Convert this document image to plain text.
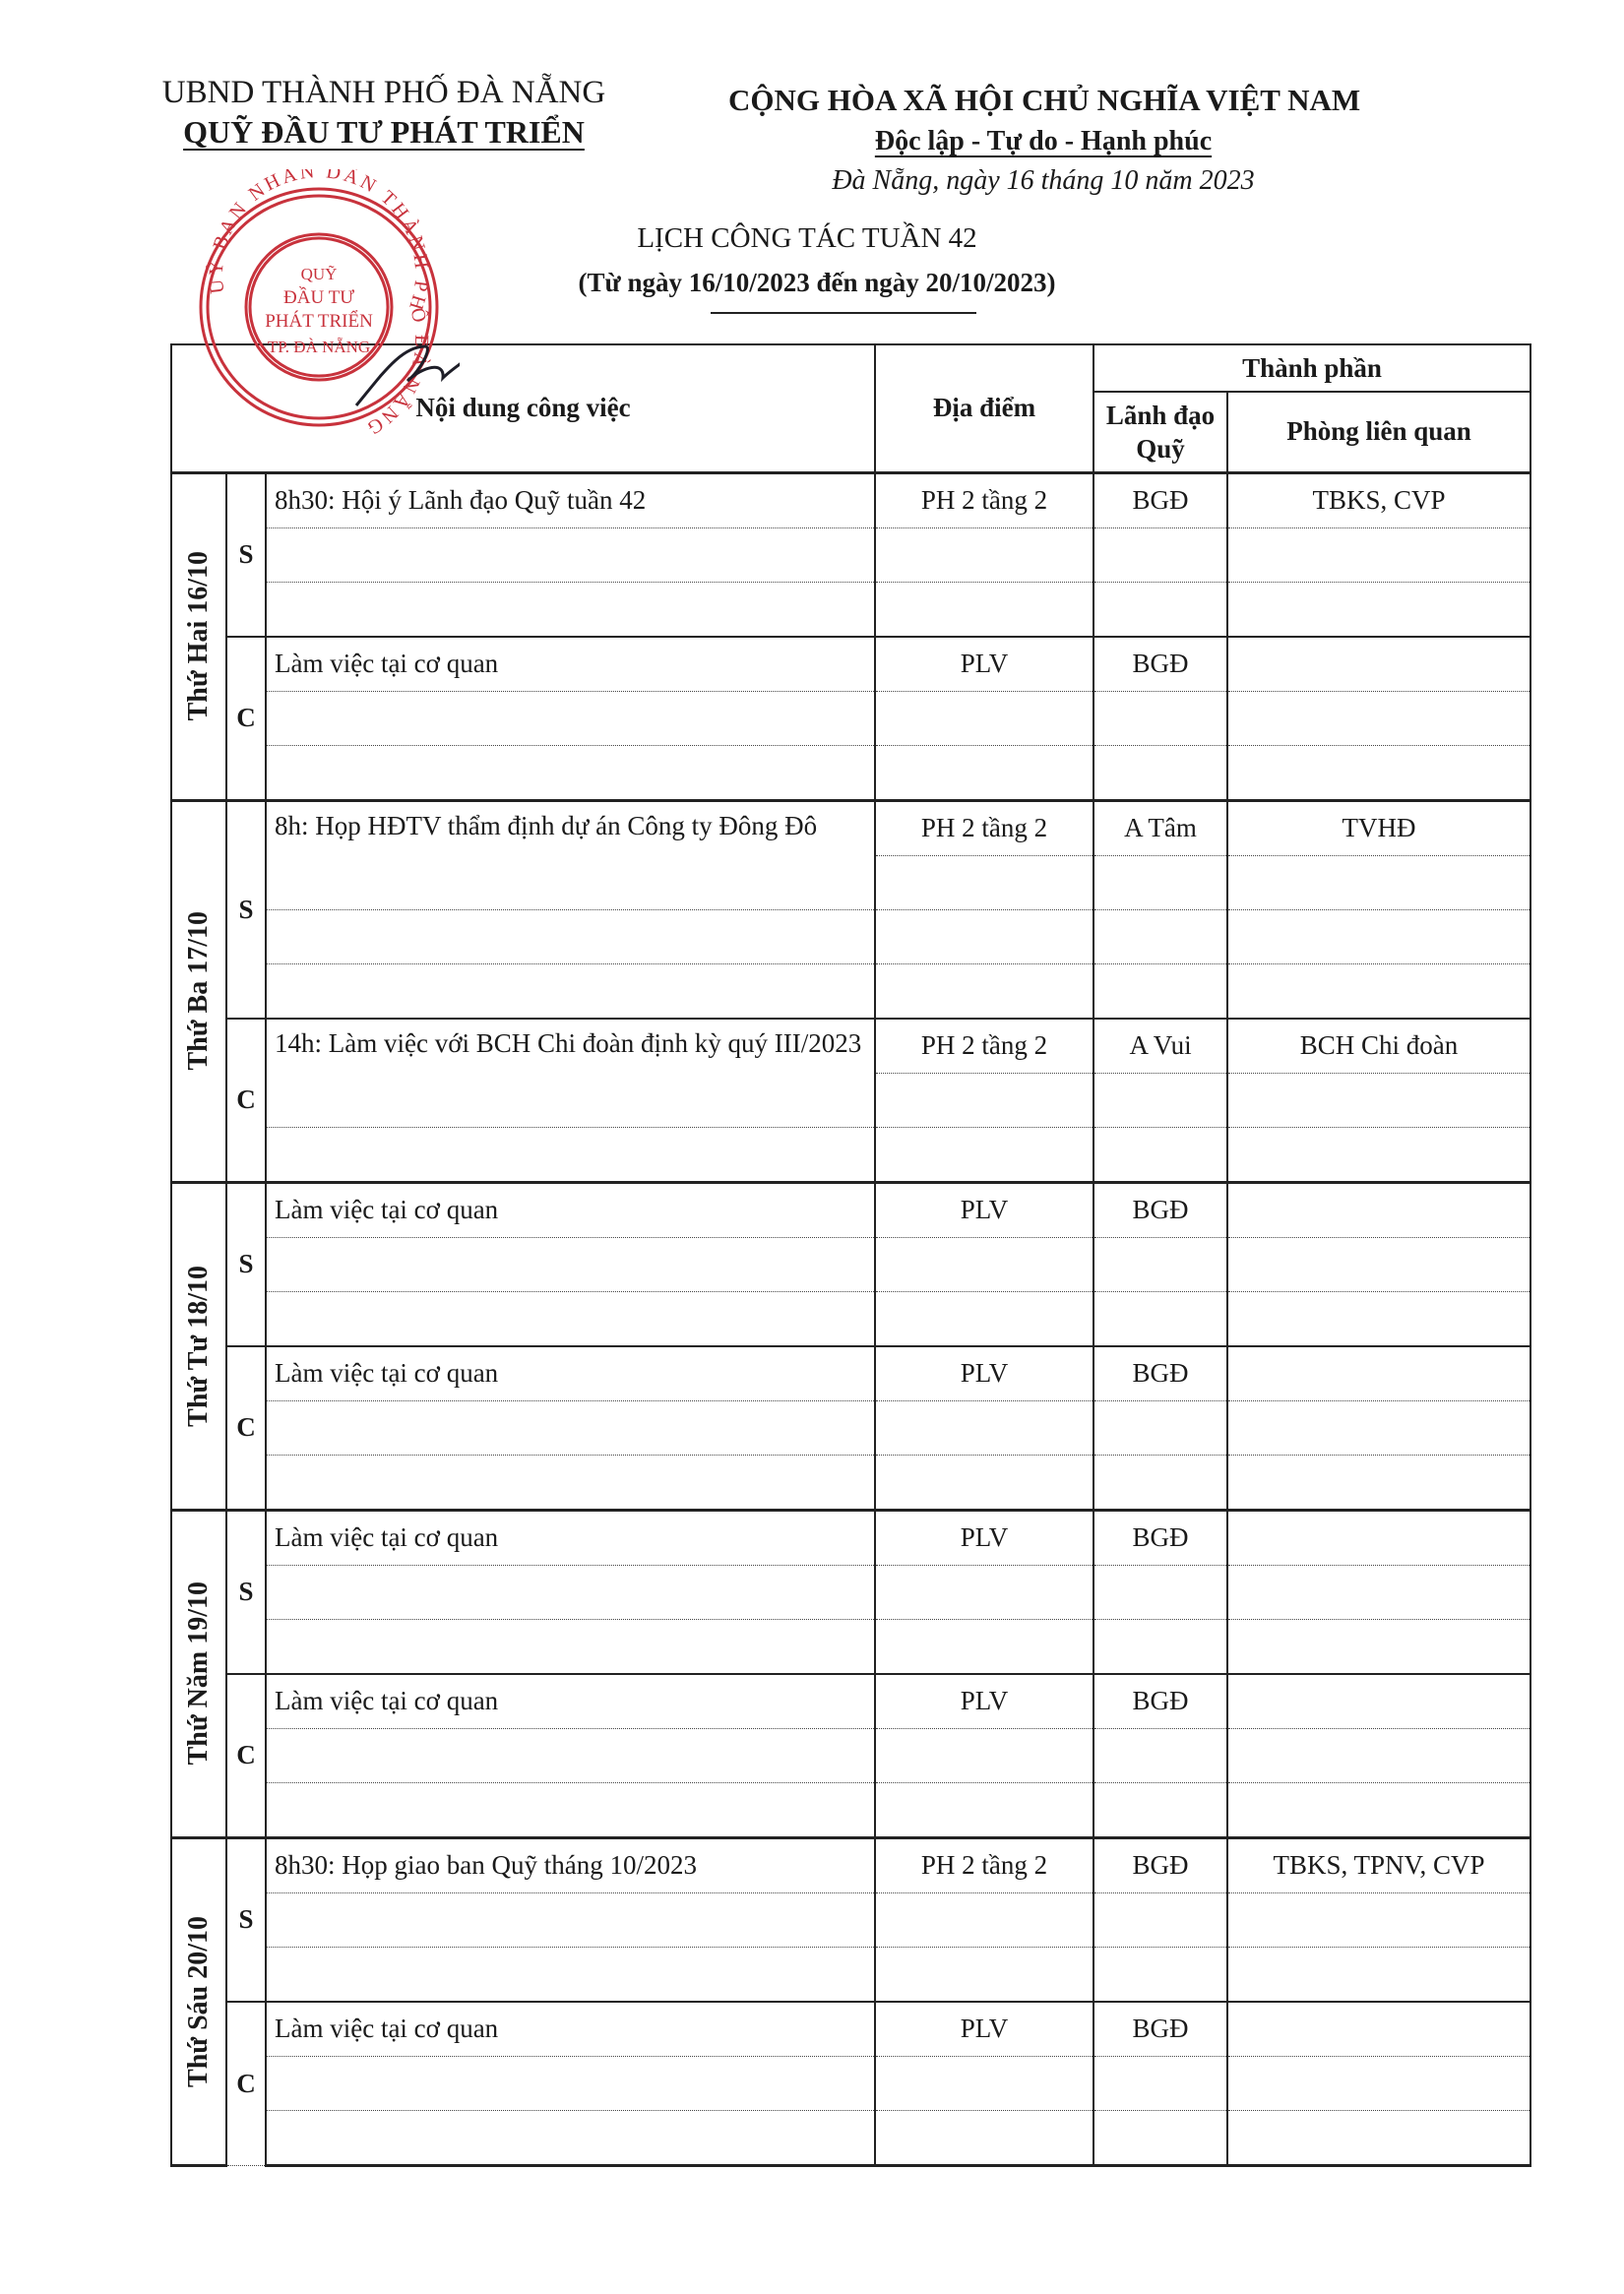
UBND THÀNH PHỐ ĐÀ NẴNG
QUỸ ĐẦU TƯ PHÁT TRIỂN
CỘNG HÒA XÃ HỘI CHỦ NGHĨA VIỆT NAM
Độc lập - Tự do - Hạnh phúc
Đà Nẵng, ngày 16 tháng 10 năm 2023
LỊCH CÔNG TÁC TUẦN 42
(Từ ngày 16/10/2023 đến ngày 20/10/2023)
UỶ BAN NHÂN DÂN THÀNH PHỐ ĐÀ NẴNG
QUỸ
ĐẦU TƯ
PHÁT TRIỂN
TP. ĐÀ NẴNG
Nội dung công việc			Địa điểm	Thành phần	
				Lãnh đạo Quỹ	Phòng liên quan

Thứ Hai 16/10	S	8h30: Hội ý Lãnh đạo Quỹ tuần 42	PH 2 tầng 2	BGĐ	TBKS, CVP

	C	Làm việc tại cơ quan	PLV	BGĐ	

Thứ Ba 17/10	S	8h: Họp HĐTV thẩm định dự án Công ty Đông Đô	PH 2 tầng 2	A Tâm	TVHĐ

	C	14h: Làm việc với BCH Chi đoàn định kỳ quý III/2023	PH 2 tầng 2	A Vui	BCH Chi đoàn

Thứ Tư 18/10	S	Làm việc tại cơ quan	PLV	BGĐ	

	C	Làm việc tại cơ quan	PLV	BGĐ	

Thứ Năm 19/10	S	Làm việc tại cơ quan	PLV	BGĐ	

	C	Làm việc tại cơ quan	PLV	BGĐ	

Thứ Sáu 20/10	S	8h30: Họp giao ban Quỹ tháng 10/2023	PH 2 tầng 2	BGĐ	TBKS, TPNV, CVP

	C	Làm việc tại cơ quan	PLV	BGĐ	
